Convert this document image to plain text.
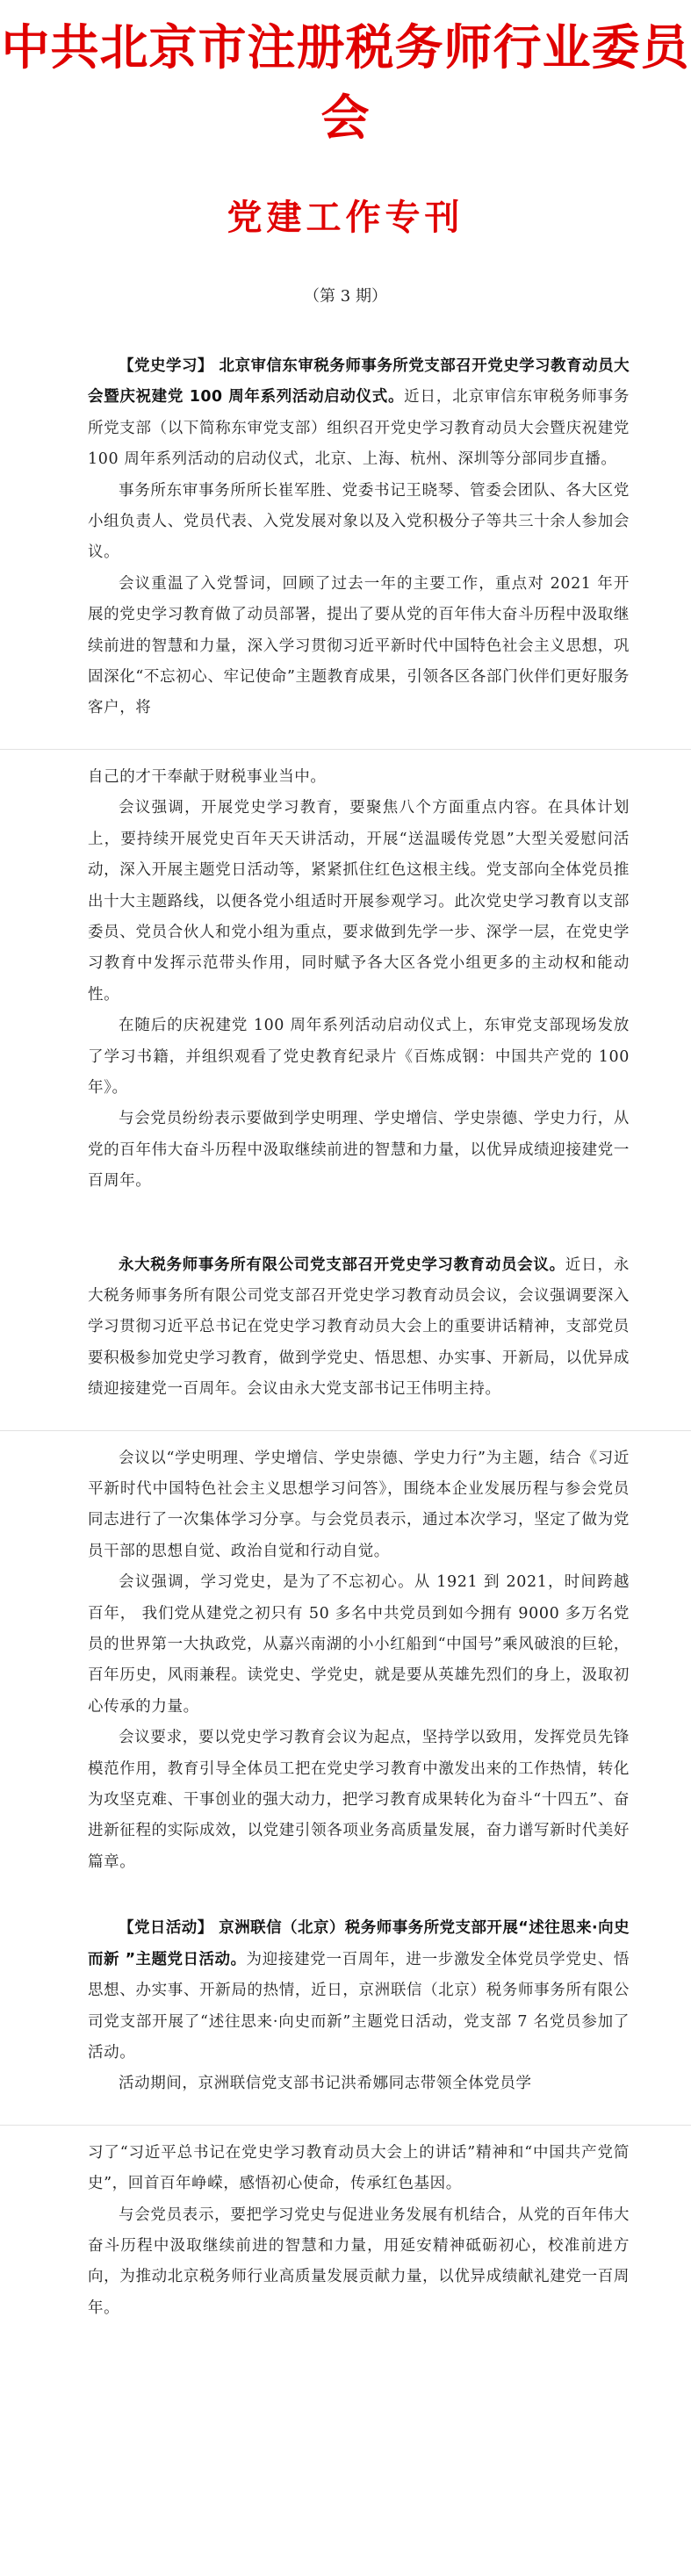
中共北京市注册税务师行业委员会
党建工作专刊
（第 3 期）

【党史学习】 北京审信东审税务师事务所党支部召开党史学习教育动员大会暨庆祝建党 100 周年系列活动启动仪式。近日，北京审信东审税务师事务所党支部（以下简称东审党支部）组织召开党史学习教育动员大会暨庆祝建党 100 周年系列活动的启动仪式，北京、上海、杭州、深圳等分部同步直播。

事务所东审事务所所长崔军胜、党委书记王晓琴、管委会团队、各大区党小组负责人、党员代表、入党发展对象以及入党积极分子等共三十余人参加会议。

会议重温了入党誓词，回顾了过去一年的主要工作，重点对 2021 年开展的党史学习教育做了动员部署，提出了要从党的百年伟大奋斗历程中汲取继续前进的智慧和力量，深入学习贯彻习近平新时代中国特色社会主义思想，巩固深化“不忘初心、牢记使命”主题教育成果，引领各区各部门伙伴们更好服务客户，将

自己的才干奉献于财税事业当中。

会议强调，开展党史学习教育，要聚焦八个方面重点内容。在具体计划上，要持续开展党史百年天天讲活动，开展“送温暖传党恩”大型关爱慰问活动，深入开展主题党日活动等，紧紧抓住红色这根主线。党支部向全体党员推出十大主题路线，以便各党小组适时开展参观学习。此次党史学习教育以支部委员、党员合伙人和党小组为重点，要求做到先学一步、深学一层，在党史学习教育中发挥示范带头作用，同时赋予各大区各党小组更多的主动权和能动性。

在随后的庆祝建党 100 周年系列活动启动仪式上，东审党支部现场发放了学习书籍，并组织观看了党史教育纪录片《百炼成钢：中国共产党的 100 年》。

与会党员纷纷表示要做到学史明理、学史增信、学史崇德、学史力行，从党的百年伟大奋斗历程中汲取继续前进的智慧和力量，以优异成绩迎接建党一百周年。

永大税务师事务所有限公司党支部召开党史学习教育动员会议。近日，永大税务师事务所有限公司党支部召开党史学习教育动员会议，会议强调要深入学习贯彻习近平总书记在党史学习教育动员大会上的重要讲话精神，支部党员要积极参加党史学习教育，做到学党史、悟思想、办实事、开新局，以优异成绩迎接建党一百周年。会议由永大党支部书记王伟明主持。

会议以“学史明理、学史增信、学史崇德、学史力行”为主题，结合《习近平新时代中国特色社会主义思想学习问答》，围绕本企业发展历程与参会党员同志进行了一次集体学习分享。与会党员表示，通过本次学习，坚定了做为党员干部的思想自觉、政治自觉和行动自觉。

会议强调，学习党史，是为了不忘初心。从 1921 到 2021，时间跨越百年， 我们党从建党之初只有 50 多名中共党员到如今拥有 9000 多万名党员的世界第一大执政党，从嘉兴南湖的小小红船到“中国号”乘风破浪的巨轮，百年历史，风雨兼程。读党史、学党史，就是要从英雄先烈们的身上，汲取初心传承的力量。

会议要求，要以党史学习教育会议为起点，坚持学以致用，发挥党员先锋模范作用，教育引导全体员工把在党史学习教育中激发出来的工作热情，转化为攻坚克难、干事创业的强大动力，把学习教育成果转化为奋斗“十四五”、奋进新征程的实际成效，以党建引领各项业务高质量发展，奋力谱写新时代美好篇章。

【党日活动】 京洲联信（北京）税务师事务所党支部开展“述往思来·向史而新 ”主题党日活动。为迎接建党一百周年，进一步激发全体党员学党史、悟思想、办实事、开新局的热情，近日，京洲联信（北京）税务师事务所有限公司党支部开展了“述往思来·向史而新”主题党日活动，党支部 7 名党员参加了活动。

活动期间，京洲联信党支部书记洪希娜同志带领全体党员学

习了“习近平总书记在党史学习教育动员大会上的讲话”精神和“中国共产党简史”，回首百年峥嵘，感悟初心使命，传承红色基因。

与会党员表示，要把学习党史与促进业务发展有机结合，从党的百年伟大奋斗历程中汲取继续前进的智慧和力量，用延安精神砥砺初心，校准前进方向，为推动北京税务师行业高质量发展贡献力量，以优异成绩献礼建党一百周年。
